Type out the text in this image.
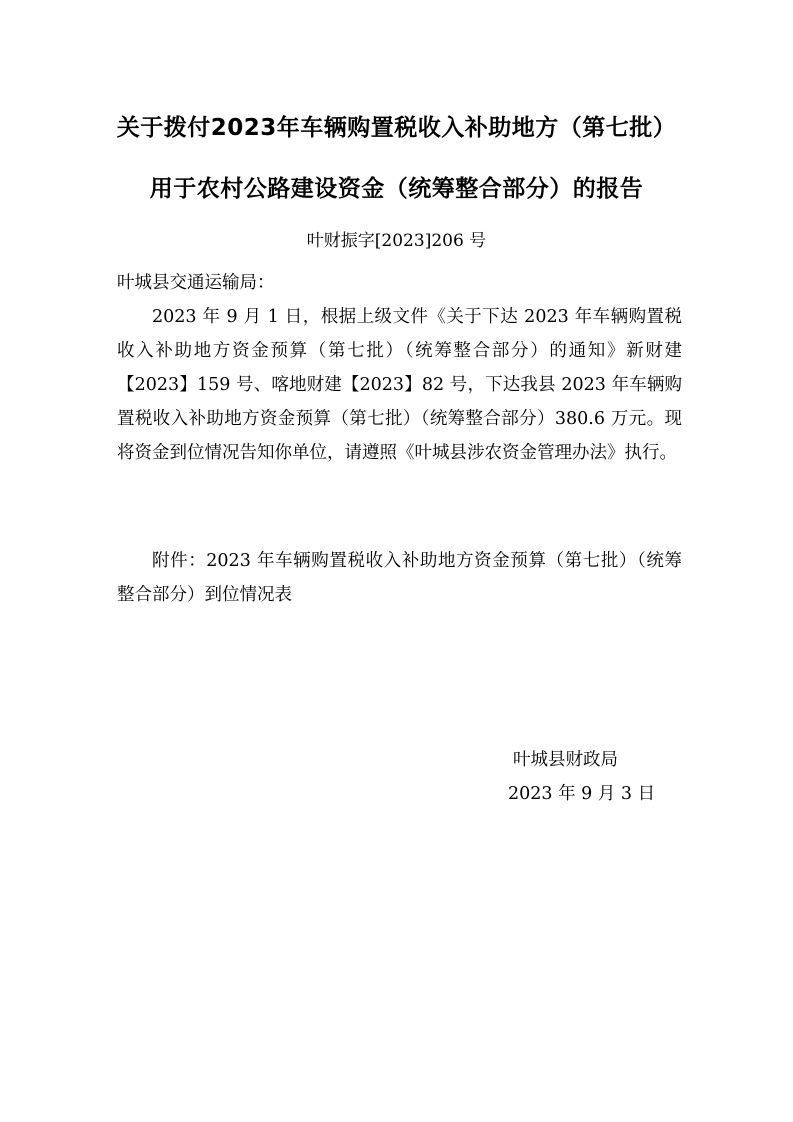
关于拨付2023年车辆购置税收入补助地方（第七批）
用于农村公路建设资金（统筹整合部分）的报告
叶财振字[2023]206 号
叶城县交通运输局：

2023 年 9 月 1 日，根据上级文件《关于下达 2023 年车辆购置税收入补助地方资金预算（第七批）（统筹整合部分）的通知》新财建【2023】159 号、喀地财建【2023】82 号，下达我县 2023 年车辆购置税收入补助地方资金预算（第七批）（统筹整合部分）380.6 万元。现将资金到位情况告知你单位，请遵照《叶城县涉农资金管理办法》执行。

附件：2023 年车辆购置税收入补助地方资金预算（第七批）（统筹整合部分）到位情况表

叶城县财政局
2023 年 9 月 3 日
